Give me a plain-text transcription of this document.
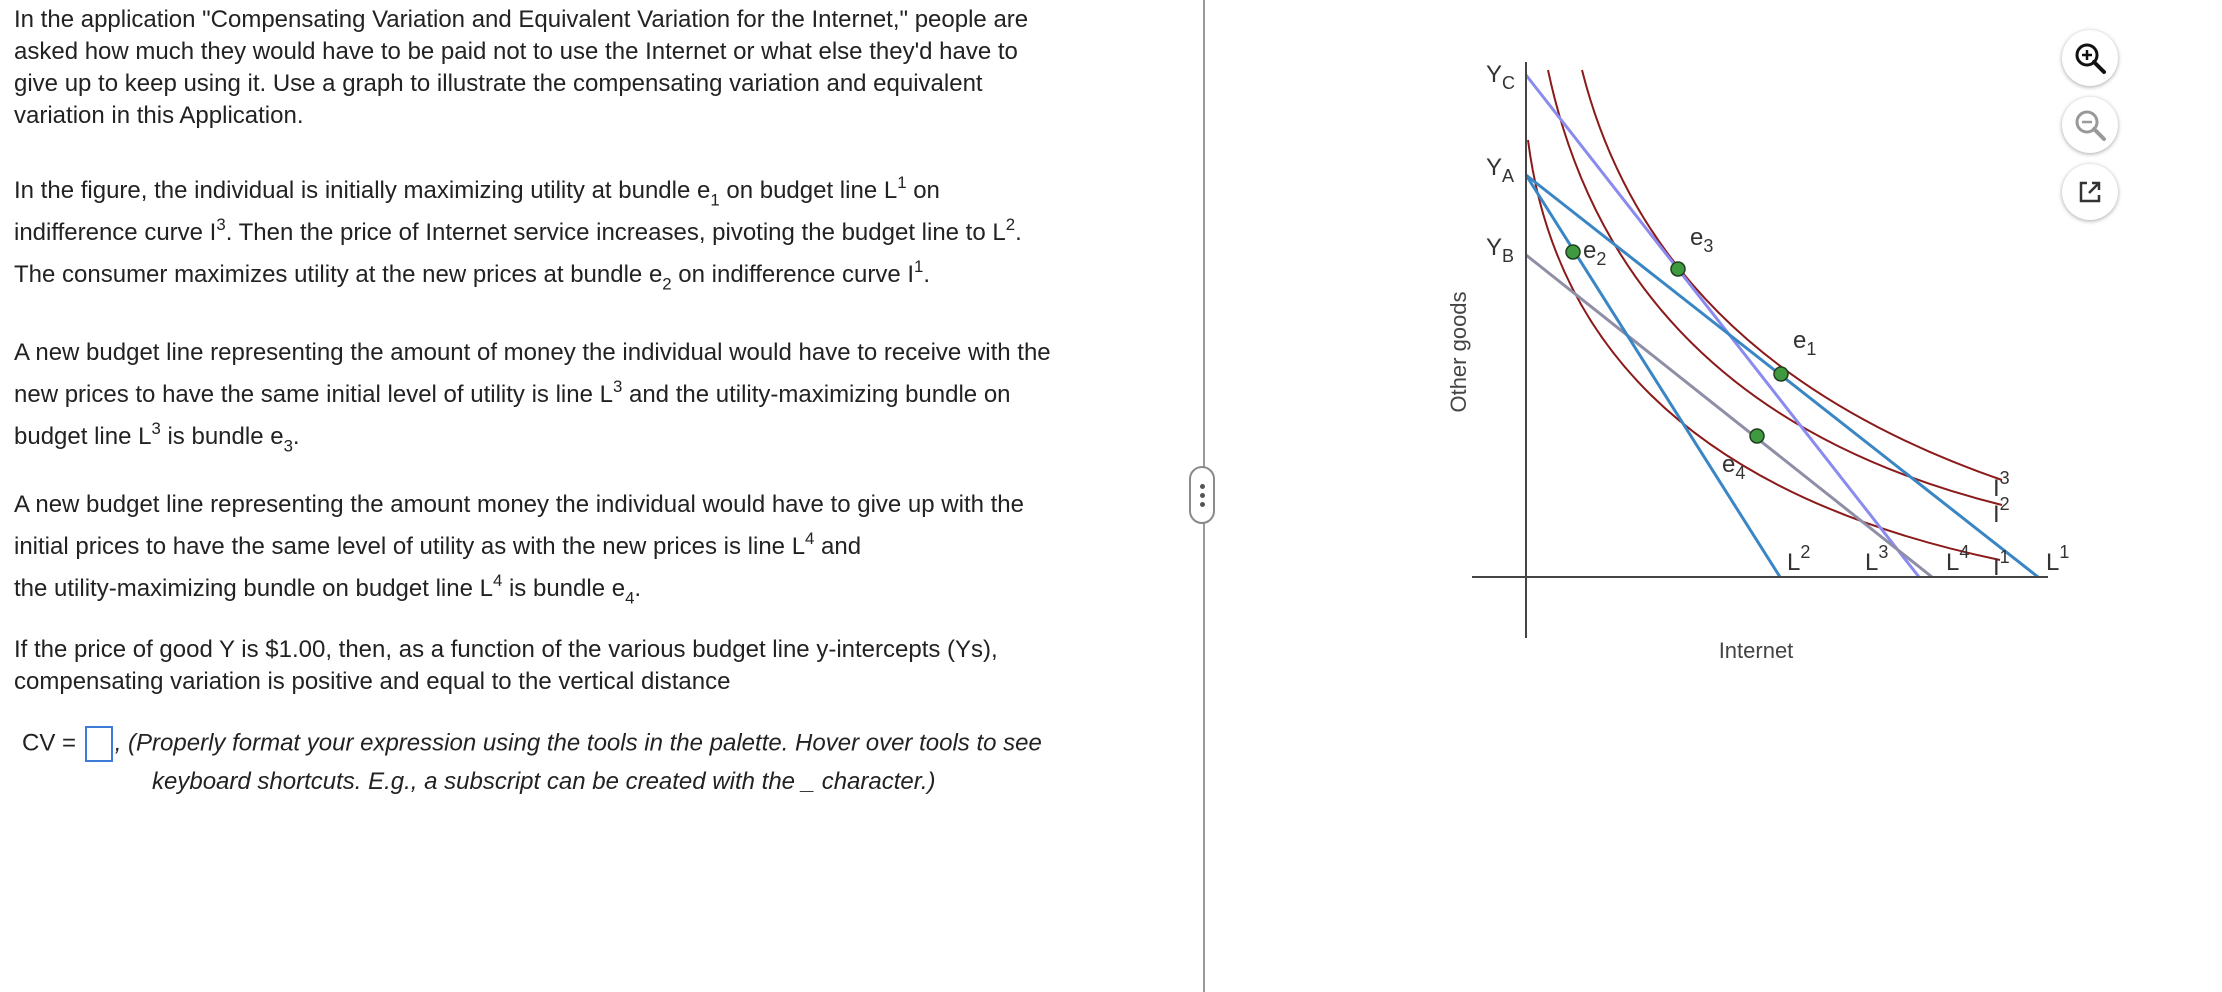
In the application "Compensating Variation and Equivalent Variation for the Internet," people are
asked how much they would have to be paid not to use the Internet or what else they'd have to
give up to keep using it. Use a graph to illustrate the compensating variation and equivalent
variation in this Application.
In the figure, the individual is initially maximizing utility at bundle $e_1$ on budget line $L^1$ on
indifference curve $I^3$. Then the price of Internet service increases, pivoting the budget line to $L^2$.
The consumer maximizes utility at the new prices at bundle $e_2$ on indifference curve $I^1$.
A new budget line representing the amount of money the individual would have to receive with the
new prices to have the same initial level of utility is line $L^3$ and the utility-maximizing bundle on
budget line $L^3$ is bundle $e_3$.
A new budget line representing the amount money the individual would have to give up with the
initial prices to have the same level of utility as with the new prices is line $L^4$ and
the utility-maximizing bundle on budget line $L^4$ is bundle $e_4$.
If the price of good Y is $1.00, then, as a function of the various budget line y-intercepts (Ys),
compensating variation is positive and equal to the vertical distance
CV = , (Properly format your expression using the tools in the palette. Hover over tools to see
keyboard shortcuts. E.g., a subscript can be created with the _ character.)
$Y_C$
$Y_A$
$Y_B$	$e_2$
$e_3$
$e_1$
$e_4$
$L^2$ $L^3$ $L^4$	$L^1$
$I^3$
$I^2$
$I^1$
Other goods
Internet
